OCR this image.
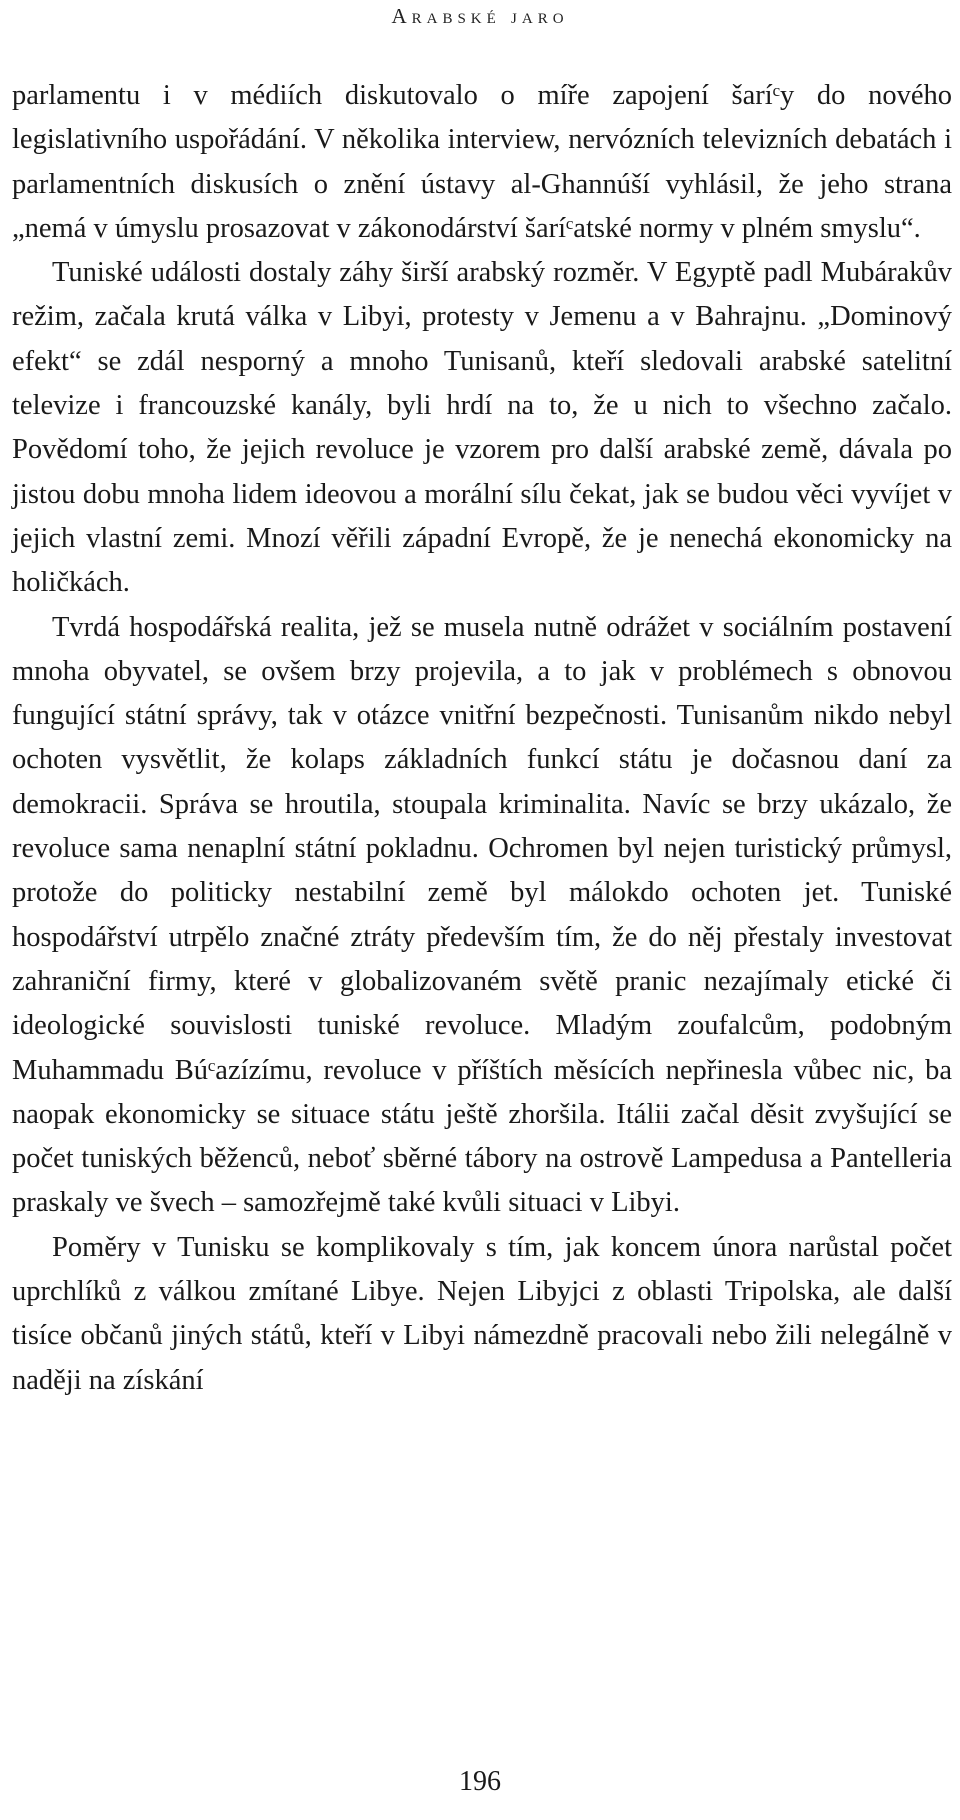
Arabské jaro

parlamentu i v médiích diskutovalo o míře zapojení šaríᶜy do nového legislativního uspořádání. V několika interview, nervózních televizních debatách i parlamentních diskusích o znění ústavy al-Ghannúší vyhlásil, že jeho strana „nemá v úmyslu prosazovat v zákonodárství šaríᶜatské normy v plném smyslu“.

Tuniské události dostaly záhy širší arabský rozměr. V Egyptě padl Mubárakův režim, začala krutá válka v Libyi, protesty v Jemenu a v Bahrajnu. „Dominový efekt“ se zdál nesporný a mnoho Tunisanů, kteří sledovali arabské satelitní televize i francouzské kanály, byli hrdí na to, že u nich to všechno začalo. Povědomí toho, že jejich revoluce je vzorem pro další arabské země, dávala po jistou dobu mnoha lidem ideovou a morální sílu čekat, jak se budou věci vyvíjet v jejich vlastní zemi. Mnozí věřili západní Evropě, že je nenechá ekonomicky na holičkách.

Tvrdá hospodářská realita, jež se musela nutně odrážet v sociálním postavení mnoha obyvatel, se ovšem brzy projevila, a to jak v problémech s obnovou fungující státní správy, tak v otázce vnitřní bezpečnosti. Tunisanům nikdo nebyl ochoten vysvětlit, že kolaps základních funkcí státu je dočasnou daní za demokracii. Správa se hroutila, stoupala kriminalita. Navíc se brzy ukázalo, že revoluce sama nenaplní státní pokladnu. Ochromen byl nejen turistický průmysl, protože do politicky nestabilní země byl málokdo ochoten jet. Tuniské hospodářství utrpělo značné ztráty především tím, že do něj přestaly investovat zahraniční firmy, které v globalizovaném světě pranic nezajímaly etické či ideologické souvislosti tuniské revoluce. Mladým zoufalcům, podobným Muhammadu Búᶜazízímu, revoluce v příštích měsících nepřinesla vůbec nic, ba naopak ekonomicky se situace státu ještě zhoršila. Itálii začal děsit zvyšující se počet tuniských běženců, neboť sběrné tábory na ostrově Lampedusa a Pantelleria praskaly ve švech – samozřejmě také kvůli situaci v Libyi.

Poměry v Tunisku se komplikovaly s tím, jak koncem února narůstal počet uprchlíků z válkou zmítané Libye. Nejen Libyjci z oblasti Tripolska, ale další tisíce občanů jiných států, kteří v Libyi námezdně pracovali nebo žili nelegálně v naději na získání

196
